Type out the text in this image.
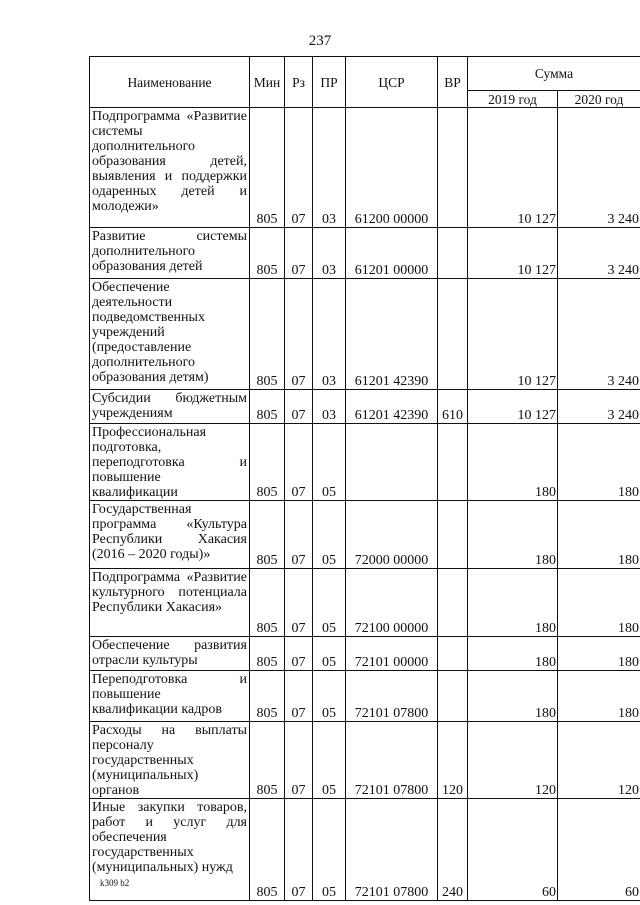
237
Наименование	Мин	Рз	ПР	ЦСР	ВР	Сумма	
						2019 год	2020 год
Подпрограмма «Развитие системы дополнительного образования детей, выявления и поддержки одаренных детей и молодежи»	805	07	03	61200 00000		10 127	3 240
Развитие системы дополнительного образования детей	805	07	03	61201 00000		10 127	3 240
Обеспечение деятельности подведомственных учреждений (предоставление дополнительного образования детям)	805	07	03	61201 42390		10 127	3 240
Субсидии бюджетным учреждениям	805	07	03	61201 42390	610	10 127	3 240
Профессиональная подготовка, переподготовка и повышение квалификации	805	07	05			180	180
Государственная программа «Культура Республики Хакасия (2016 – 2020 годы)»	805	07	05	72000 00000		180	180
Подпрограмма «Развитие культурного потенциала Республики Хакасия»	805	07	05	72100 00000		180	180
Обеспечение развития отрасли культуры	805	07	05	72101 00000		180	180
Переподготовка и повышение квалификации кадров	805	07	05	72101 07800		180	180
Расходы на выплаты персоналу государственных (муниципальных) органов	805	07	05	72101 07800	120	120	120
Иные закупки товаров, работ и услуг для обеспечения государственных (муниципальных) нужд	805	07	05	72101 07800	240	60	60
k309 b2
